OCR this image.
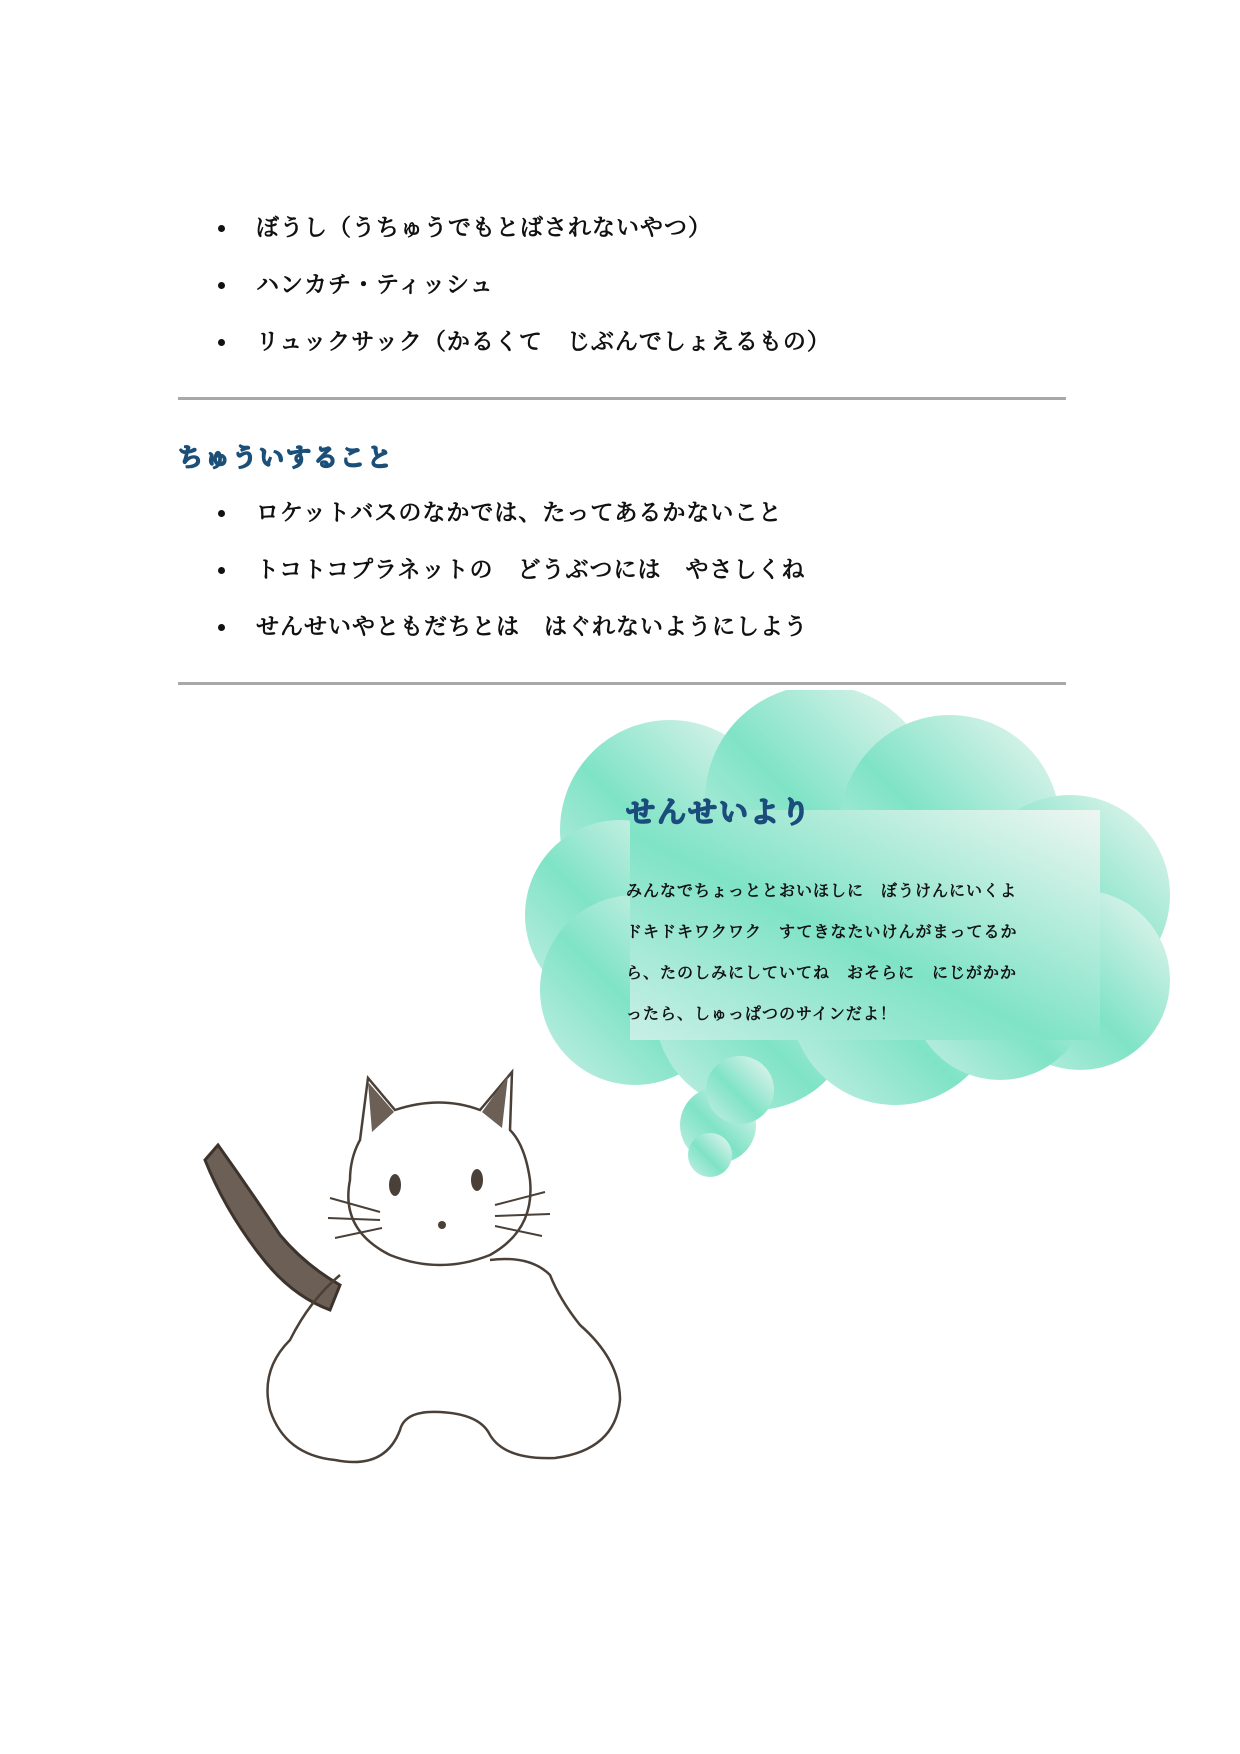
ぼうし（うちゅうでもとばされないやつ）
ハンカチ・ティッシュ
リュックサック（かるくて　じぶんでしょえるもの）
ちゅういすること
ロケットバスのなかでは、たってあるかないこと
トコトコプラネットの　どうぶつには　やさしくね
せんせいやともだちとは　はぐれないようにしよう
せんせいより
みんなでちょっととおいほしに　ぼうけんにいくよ
ドキドキワクワク　すてきなたいけんがまってるか
ら、たのしみにしていてね　おそらに　にじがかか
ったら、しゅっぱつのサインだよ！
